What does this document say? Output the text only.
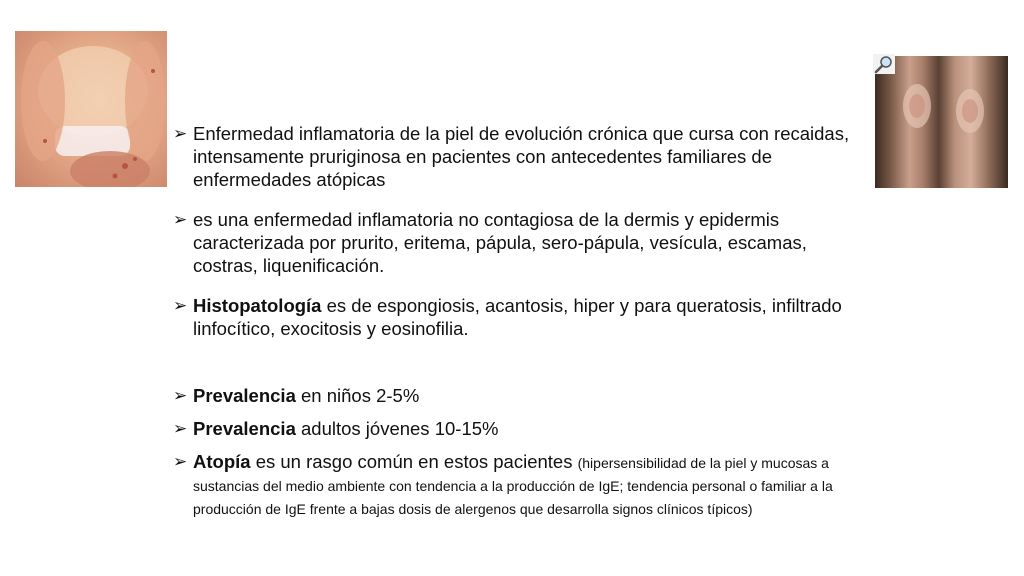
➢ Enfermedad inflamatoria de la piel de evolución crónica que cursa con recaidas, intensamente pruriginosa en pacientes con antecedentes familiares de enfermedades atópicas
➢ es una enfermedad inflamatoria no contagiosa de la dermis y epidermis caracterizada por prurito, eritema, pápula, sero-pápula, vesícula, escamas, costras, liquenificación.
➢ Histopatología es de espongiosis, acantosis, hiper y para queratosis, infiltrado linfocítico, exocitosis y eosinofilia.
➢ Prevalencia en niños 2-5%
➢ Prevalencia adultos jóvenes 10-15%
➢ Atopía es un rasgo común en estos pacientes (hipersensibilidad de la piel y mucosas a sustancias del medio ambiente con tendencia a la producción de IgE; tendencia personal o familiar a la producción de IgE frente a bajas dosis de alergenos que desarrolla signos clínicos típicos)
